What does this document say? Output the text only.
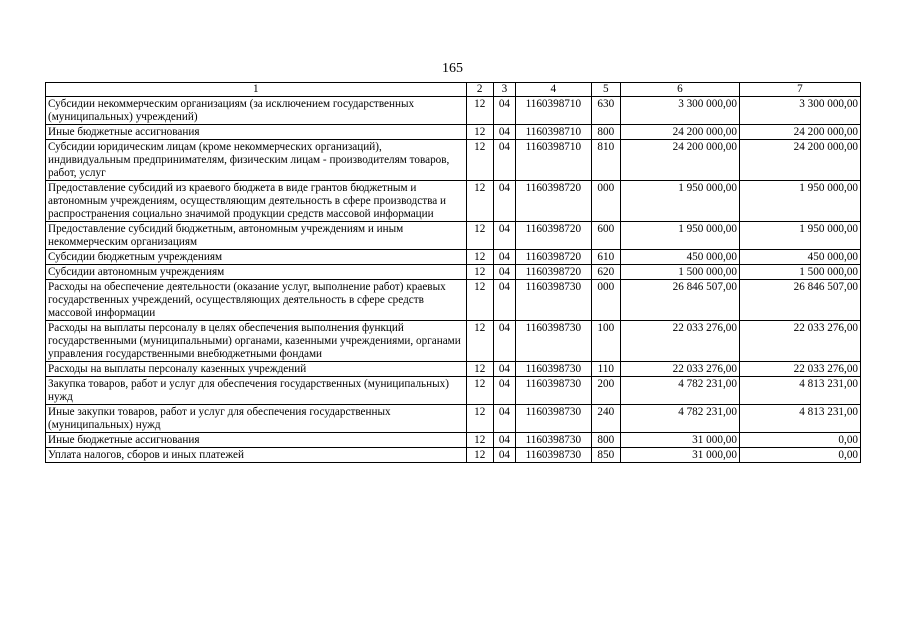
165
1	2	3	4	5	6	7
Субсидии некоммерческим организациям (за исключением государственных (муниципальных) учреждений)	12	04	1160398710	630	3 300 000,00	3 300 000,00
Иные бюджетные ассигнования	12	04	1160398710	800	24 200 000,00	24 200 000,00
Субсидии юридическим лицам (кроме некоммерческих организаций), индивидуальным предпринимателям, физическим лицам - производителям товаров, работ, услуг	12	04	1160398710	810	24 200 000,00	24 200 000,00
Предоставление субсидий из краевого бюджета в виде грантов бюджетным и автономным учреждениям, осуществляющим деятельность в сфере производства и распространения социально значимой продукции средств массовой информации	12	04	1160398720	000	1 950 000,00	1 950 000,00
Предоставление субсидий бюджетным, автономным учреждениям и иным некоммерческим организациям	12	04	1160398720	600	1 950 000,00	1 950 000,00
Субсидии бюджетным учреждениям	12	04	1160398720	610	450 000,00	450 000,00
Субсидии автономным учреждениям	12	04	1160398720	620	1 500 000,00	1 500 000,00
Расходы на обеспечение деятельности (оказание услуг, выполнение работ) краевых государственных учреждений, осуществляющих деятельность в сфере средств массовой информации	12	04	1160398730	000	26 846 507,00	26 846 507,00
Расходы на выплаты персоналу в целях обеспечения выполнения функций государственными (муниципальными) органами, казенными учреждениями, органами управления государственными внебюджетными фондами	12	04	1160398730	100	22 033 276,00	22 033 276,00
Расходы на выплаты персоналу казенных учреждений	12	04	1160398730	110	22 033 276,00	22 033 276,00
Закупка товаров, работ и услуг для обеспечения государственных (муниципальных) нужд	12	04	1160398730	200	4 782 231,00	4 813 231,00
Иные закупки товаров, работ и услуг для обеспечения государственных (муниципальных) нужд	12	04	1160398730	240	4 782 231,00	4 813 231,00
Иные бюджетные ассигнования	12	04	1160398730	800	31 000,00	0,00
Уплата налогов, сборов и иных платежей	12	04	1160398730	850	31 000,00	0,00
